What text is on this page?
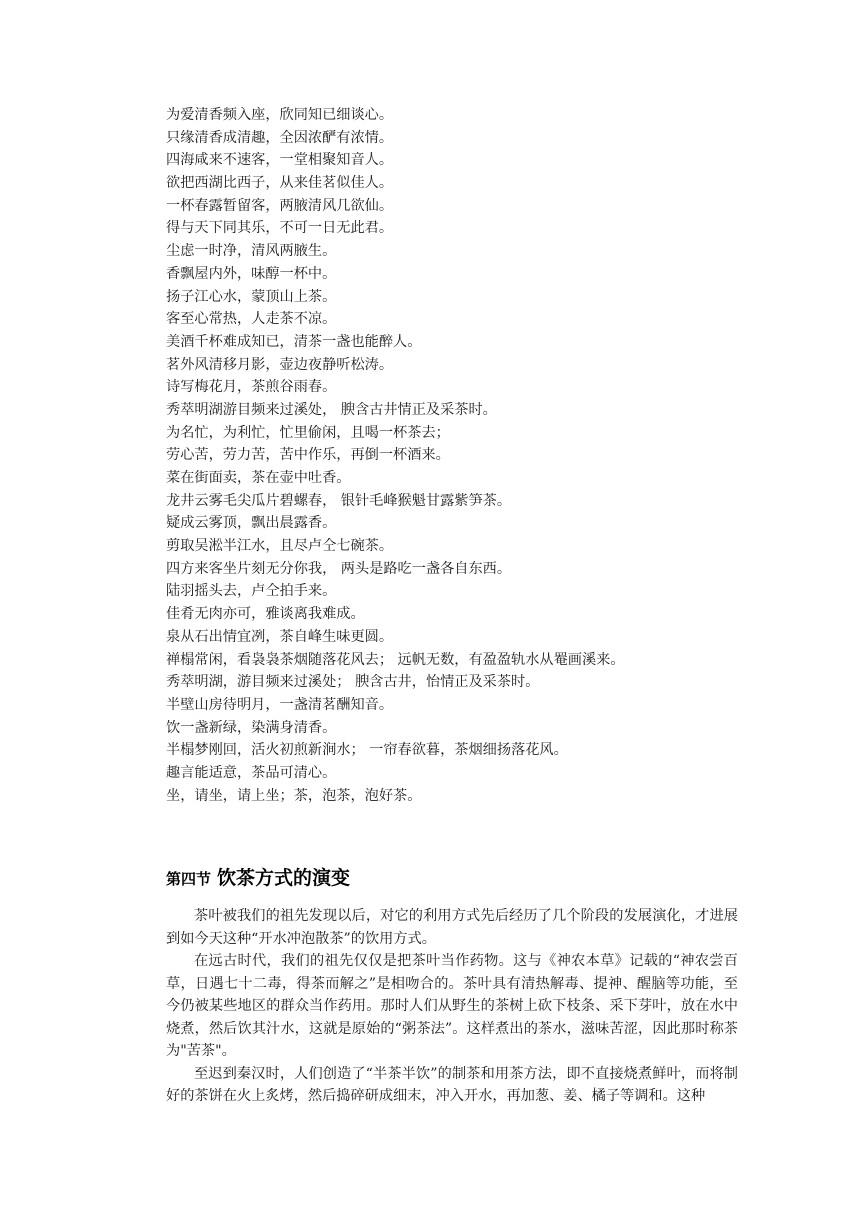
为爱清香频入座，欣同知已细谈心。
只缘清香成清趣，全因浓酽有浓情。
四海咸来不速客，一堂相聚知音人。
欲把西湖比西子，从来佳茗似佳人。
一杯春露暂留客，两腋清风几欲仙。
得与天下同其乐，不可一日无此君。
尘虑一时净，清风两腋生。
香飘屋内外，味醇一杯中。
扬子江心水，蒙顶山上茶。
客至心常热，人走茶不凉。
美酒千杯难成知已，清茶一盏也能醉人。
茗外风清移月影，壶边夜静听松涛。
诗写梅花月，茶煎谷雨春。
秀萃明湖游目频来过溪处， 腴含古井情正及采茶时。
为名忙，为利忙，忙里偷闲，且喝一杯茶去；
劳心苦，劳力苦，苦中作乐，再倒一杯酒来。
菜在街面卖，茶在壶中吐香。
龙井云雾毛尖瓜片碧螺春， 银针毛峰猴魁甘露紫笋茶。
疑成云雾顶，飘出晨露香。
剪取吴淞半江水，且尽卢仝七碗茶。
四方来客坐片刻无分你我， 两头是路吃一盏各自东西。
陆羽摇头去，卢仝拍手来。
佳肴无肉亦可，雅谈离我难成。
泉从石出情宜冽，茶自峰生味更圆。
禅榻常闲，看袅袅茶烟随落花风去； 远帆无数，有盈盈轨水从罨画溪来。
秀萃明湖，游目频来过溪处； 腴含古井，怡情正及采茶时。
半壁山房待明月，一盏清茗酬知音。
饮一盏新绿，染满身清香。
半榻梦刚回，活火初煎新涧水； 一帘春欲暮，茶烟细扬落花风。
趣言能适意，茶品可清心。
坐，请坐，请上坐；茶，泡茶，泡好茶。
第四节 饮茶方式的演变

茶叶被我们的祖先发现以后，对它的利用方式先后经历了几个阶段的发展演化，才进展到如今天这种“开水冲泡散茶”的饮用方式。

在远古时代，我们的祖先仅仅是把茶叶当作药物。这与《神农本草》记载的“神农尝百草，日遇七十二毒，得茶而解之”是相吻合的。茶叶具有清热解毒、提神、醒脑等功能，至今仍被某些地区的群众当作药用。那时人们从野生的茶树上砍下枝条、采下芽叶，放在水中烧煮，然后饮其汁水，这就是原始的“粥茶法”。这样煮出的茶水，滋味苦涩，因此那时称茶为"苦茶"。

至迟到秦汉时，人们创造了“半茶半饮”的制茶和用茶方法，即不直接烧煮鲜叶，而将制好的茶饼在火上炙烤，然后捣碎研成细末，冲入开水，再加葱、姜、橘子等调和。这种
